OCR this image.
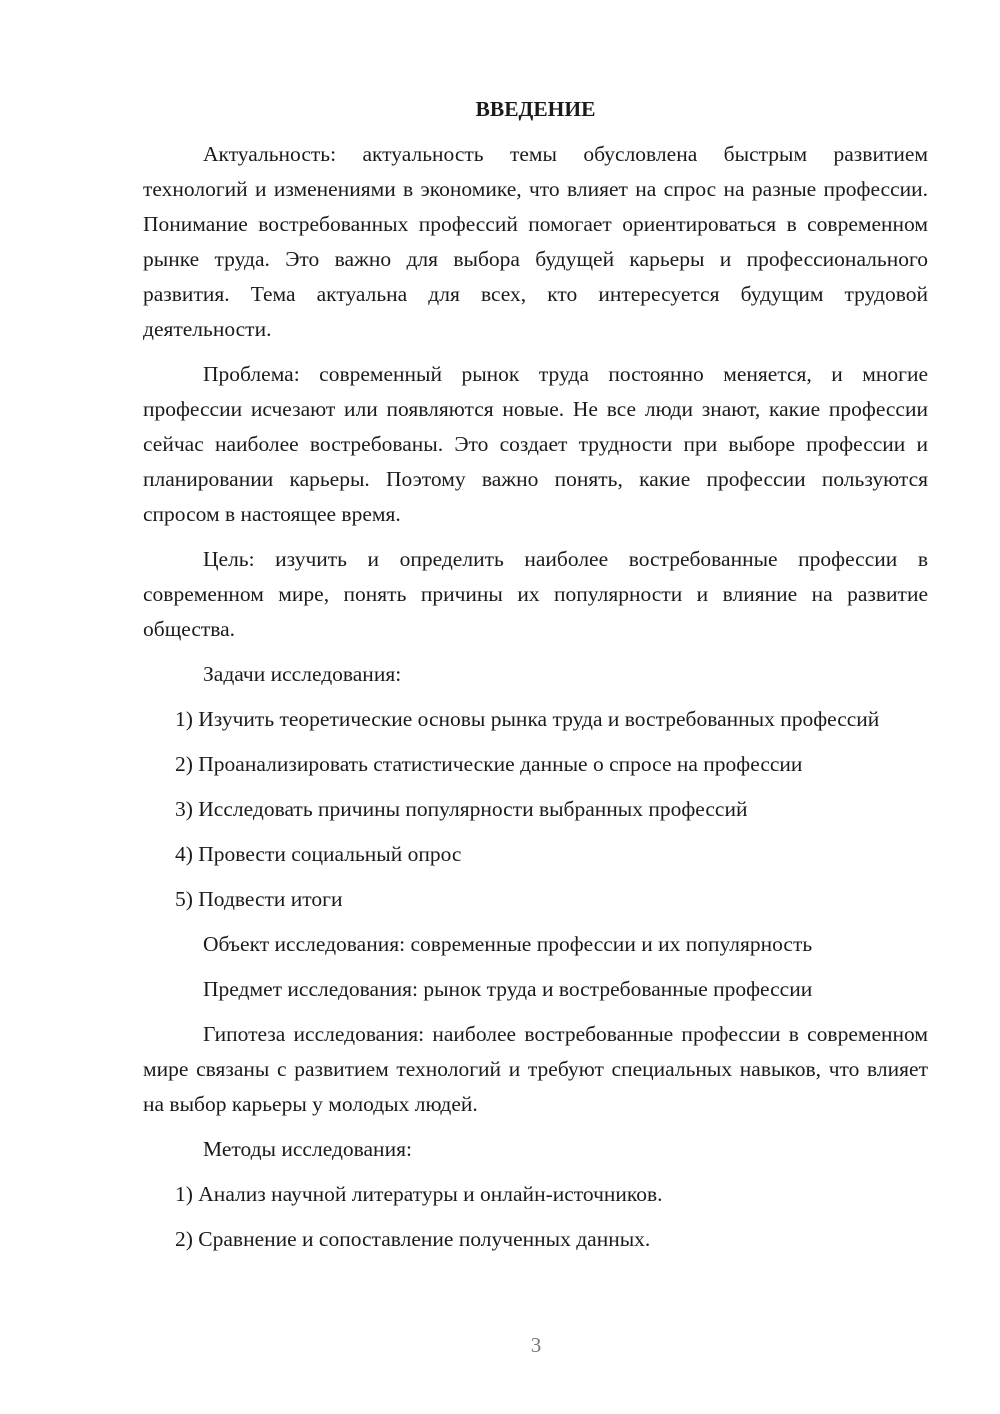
ВВЕДЕНИЕ

Актуальность: актуальность темы обусловлена быстрым развитием технологий и изменениями в экономике, что влияет на спрос на разные профессии. Понимание востребованных профессий помогает ориентироваться в современном рынке труда. Это важно для выбора будущей карьеры и профессионального развития. Тема актуальна для всех, кто интересуется будущим трудовой деятельности.

Проблема: современный рынок труда постоянно меняется, и многие профессии исчезают или появляются новые. Не все люди знают, какие профессии сейчас наиболее востребованы. Это создает трудности при выборе профессии и планировании карьеры. Поэтому важно понять, какие профессии пользуются спросом в настоящее время.

Цель: изучить и определить наиболее востребованные профессии в современном мире, понять причины их популярности и влияние на развитие общества.

Задачи исследования:

1) Изучить теоретические основы рынка труда и востребованных профессий

2) Проанализировать статистические данные о спросе на профессии

3) Исследовать причины популярности выбранных профессий

4) Провести социальный опрос

5) Подвести итоги

Объект исследования: современные профессии и их популярность

Предмет исследования: рынок труда и востребованные профессии

Гипотеза исследования: наиболее востребованные профессии в современном мире связаны с развитием технологий и требуют специальных навыков, что влияет на выбор карьеры у молодых людей.

Методы исследования:

1) Анализ научной литературы и онлайн-источников.

2) Сравнение и сопоставление полученных данных.

3
